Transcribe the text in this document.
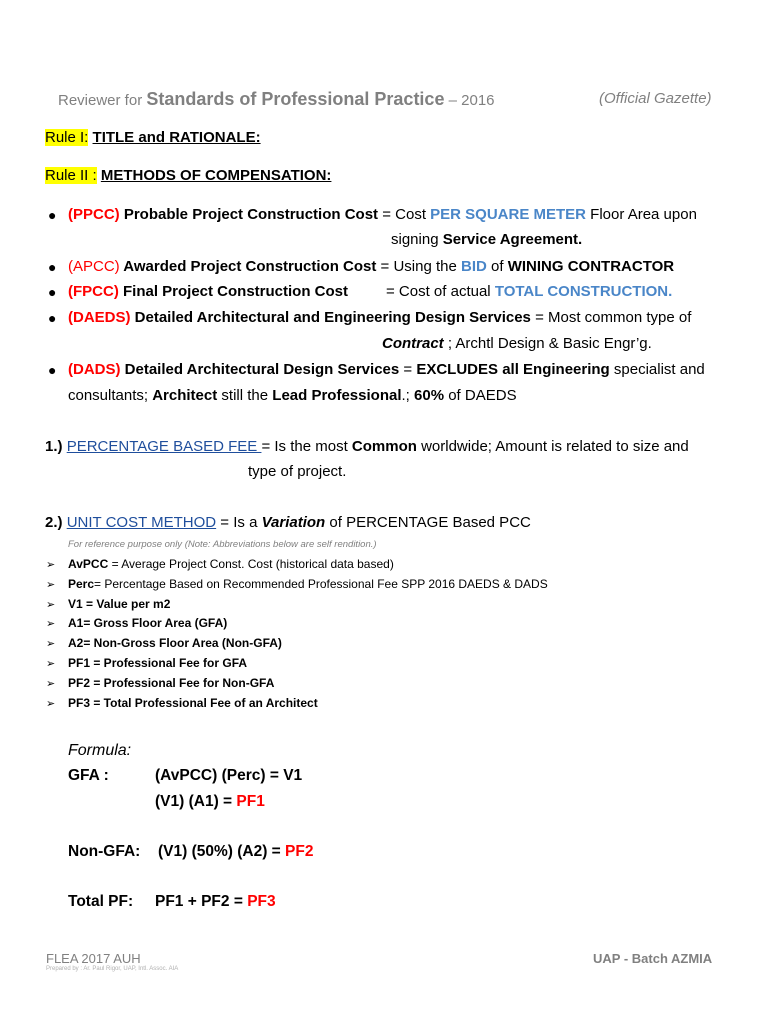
Reviewer for Standards of Professional Practice – 2016	(Official Gazette)
Rule I: TITLE and RATIONALE:
Rule II : METHODS OF COMPENSATION:
● (PPCC) Probable Project Construction Cost = Cost PER SQUARE METER Floor Area upon
signing Service Agreement.
● (APCC) Awarded Project Construction Cost = Using the BID of WINING CONTRACTOR
● (FPCC) Final Project Construction Cost	= Cost of actual TOTAL CONSTRUCTION.
● (DAEDS) Detailed Architectural and Engineering Design Services = Most common type of
Contract ; Archtl Design & Basic Engr’g.
● (DADS) Detailed Architectural Design Services = EXCLUDES all Engineering specialist and
consultants; Architect still the Lead Professional.; 60% of DAEDS
1.) PERCENTAGE BASED FEE = Is the most Common worldwide; Amount is related to size and
type of project.
2.) UNIT COST METHOD = Is a Variation of PERCENTAGE Based PCC
For reference purpose only (Note: Abbreviations below are self rendition.)
➢ AvPCC = Average Project Const. Cost (historical data based)
➢ Perc= Percentage Based on Recommended Professional Fee SPP 2016 DAEDS & DADS
➢ V1 = Value per m2
➢ A1= Gross Floor Area (GFA)
➢ A2= Non-Gross Floor Area (Non-GFA)
➢ PF1 = Professional Fee for GFA
➢ PF2 = Professional Fee for Non-GFA
➢ PF3 = Total Professional Fee of an Architect
Formula:
GFA :	(AvPCC) (Perc) = V1
(V1) (A1) = PF1
Non-GFA: (V1) (50%) (A2) = PF2
Total PF: PF1 + PF2 = PF3
FLEA 2017 AUH
Prepared by : Ar. Paul Rigor, UAP, Intl. Assoc. AIA
UAP - Batch AZMIA
